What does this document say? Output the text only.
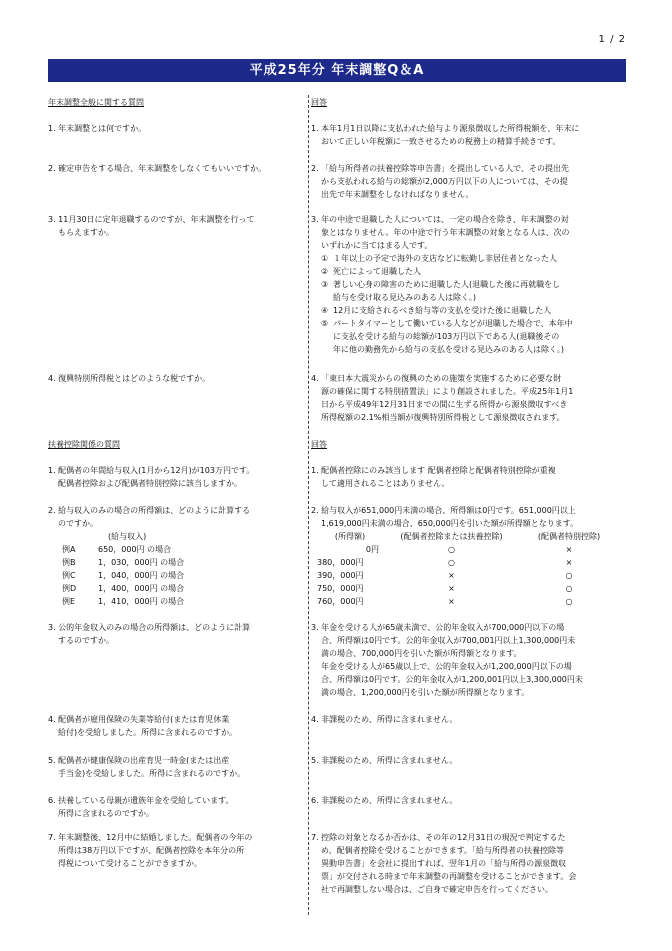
1 / 2
平成25年分 年末調整Q＆A
年末調整全般に関する質問	回答
1. 年末調整とは何ですか。	1. 本年1月1日以降に支払われた給与より源泉徴収した所得税額を、年末に
おいて正しい年税額に一致させるための税務上の精算手続きです。
2. 確定申告をする場合、年末調整をしなくてもいいですか。	2. 「給与所得者の扶養控除等申告書」を提出している人で、その提出先
から支払われる給与の総額が2,000万円以下の人については、その提
出先で年末調整をしなければなりません。
3. 11月30日に定年退職するのですが、年末調整を行って
もらえますか。
3. 年の中途で退職した人については、一定の場合を除き、年末調整の対
象とはなりません。年の中途で行う年末調整の対象となる人は、次の
いずれかに当てはまる人です。
① １年以上の予定で海外の支店などに転勤し非居住者となった人
② 死亡によって退職した人
③ 著しい心身の障害のために退職した人(退職した後に再就職をし
給与を受け取る見込みのある人は除く。)
④ 12月に支給されるべき給与等の支払を受けた後に退職した人
⑤ パートタイマーとして働いている人などが退職した場合で、本年中
に支払を受ける給与の総額が103万円以下である人(退職後その
年に他の勤務先から給与の支払を受ける見込みのある人は除く。)
4. 復興特別所得税とはどのような税ですか。	4. 「東日本大震災からの復興のための施策を実施するために必要な財
源の確保に関する特別措置法」により創設されました。平成25年1月1
日から平成49年12月31日までの間に生ずる所得から源泉徴収すべき
所得税額の2.1%相当額が復興特別所得税として源泉徴収されます。
扶養控除関係の質問	回答
1. 配偶者の年間給与収入(1月から12月)が103万円です。
配偶者控除および配偶者特別控除に該当しますか。
1. 配偶者控除にのみ該当します 配偶者控除と配偶者特別控除が重複
して適用されることはありません。
2. 給与収入のみの場合の所得額は、どのように計算する
のですか。
(給与収入)
例A	650，000円 の場合
例B	1，030，000円 の場合
例C	1，040，000円 の場合
例D	1，400，000円 の場合
例E	1，410，000円 の場合
2. 給与収入が651,000円未満の場合、所得額は0円です。651,000円以上
1,619,000円未満の場合、650,000円を引いた額が所得額となります。
(所得額)	(配偶者控除または扶養控除)	(配偶者特別控除)
0円	○	×
380，000円	○	×
390，000円	×	○
750，000円	×	○
760，000円	×	○
3. 公的年金収入のみの場合の所得額は、どのように計算
するのですか。
3. 年金を受ける人が65歳未満で、公的年金収入が700,000円以下の場
合、所得額は0円です。公的年金収入が700,001円以上1,300,000円未
満の場合、700,000円を引いた額が所得額となります。
年金を受ける人が65歳以上で、公的年金収入が1,200,000円以下の場
合、所得額は0円です。公的年金収入が1,200,001円以上3,300,000円未
満の場合、1,200,000円を引いた額が所得額となります。
4. 配偶者が雇用保険の失業等給付(または育児休業
給付)を受給しました。所得に含まれるのですか。
4. 非課税のため、所得に含まれません。
5. 配偶者が健康保険の出産育児一時金(または出産
手当金)を受給しました。所得に含まれるのですか。
5. 非課税のため、所得に含まれません。
6. 扶養している母親が遺族年金を受給しています。
所得に含まれるのですか。
6. 非課税のため、所得に含まれません。
7. 年末調整後、12月中に結婚しました。配偶者の今年の
所得は38万円以下ですが、配偶者控除を本年分の所
得税について受けることができますか。
7. 控除の対象となるか否かは、その年の12月31日の現況で判定するた
め、配偶者控除を受けることができます。「給与所得者の扶養控除等
異動申告書」を会社に提出すれば、翌年1月の「給与所得の源泉徴収
票」が交付される時まで年末調整の再調整を受けることができます。会
社で再調整しない場合は、ご自身で確定申告を行ってください。
